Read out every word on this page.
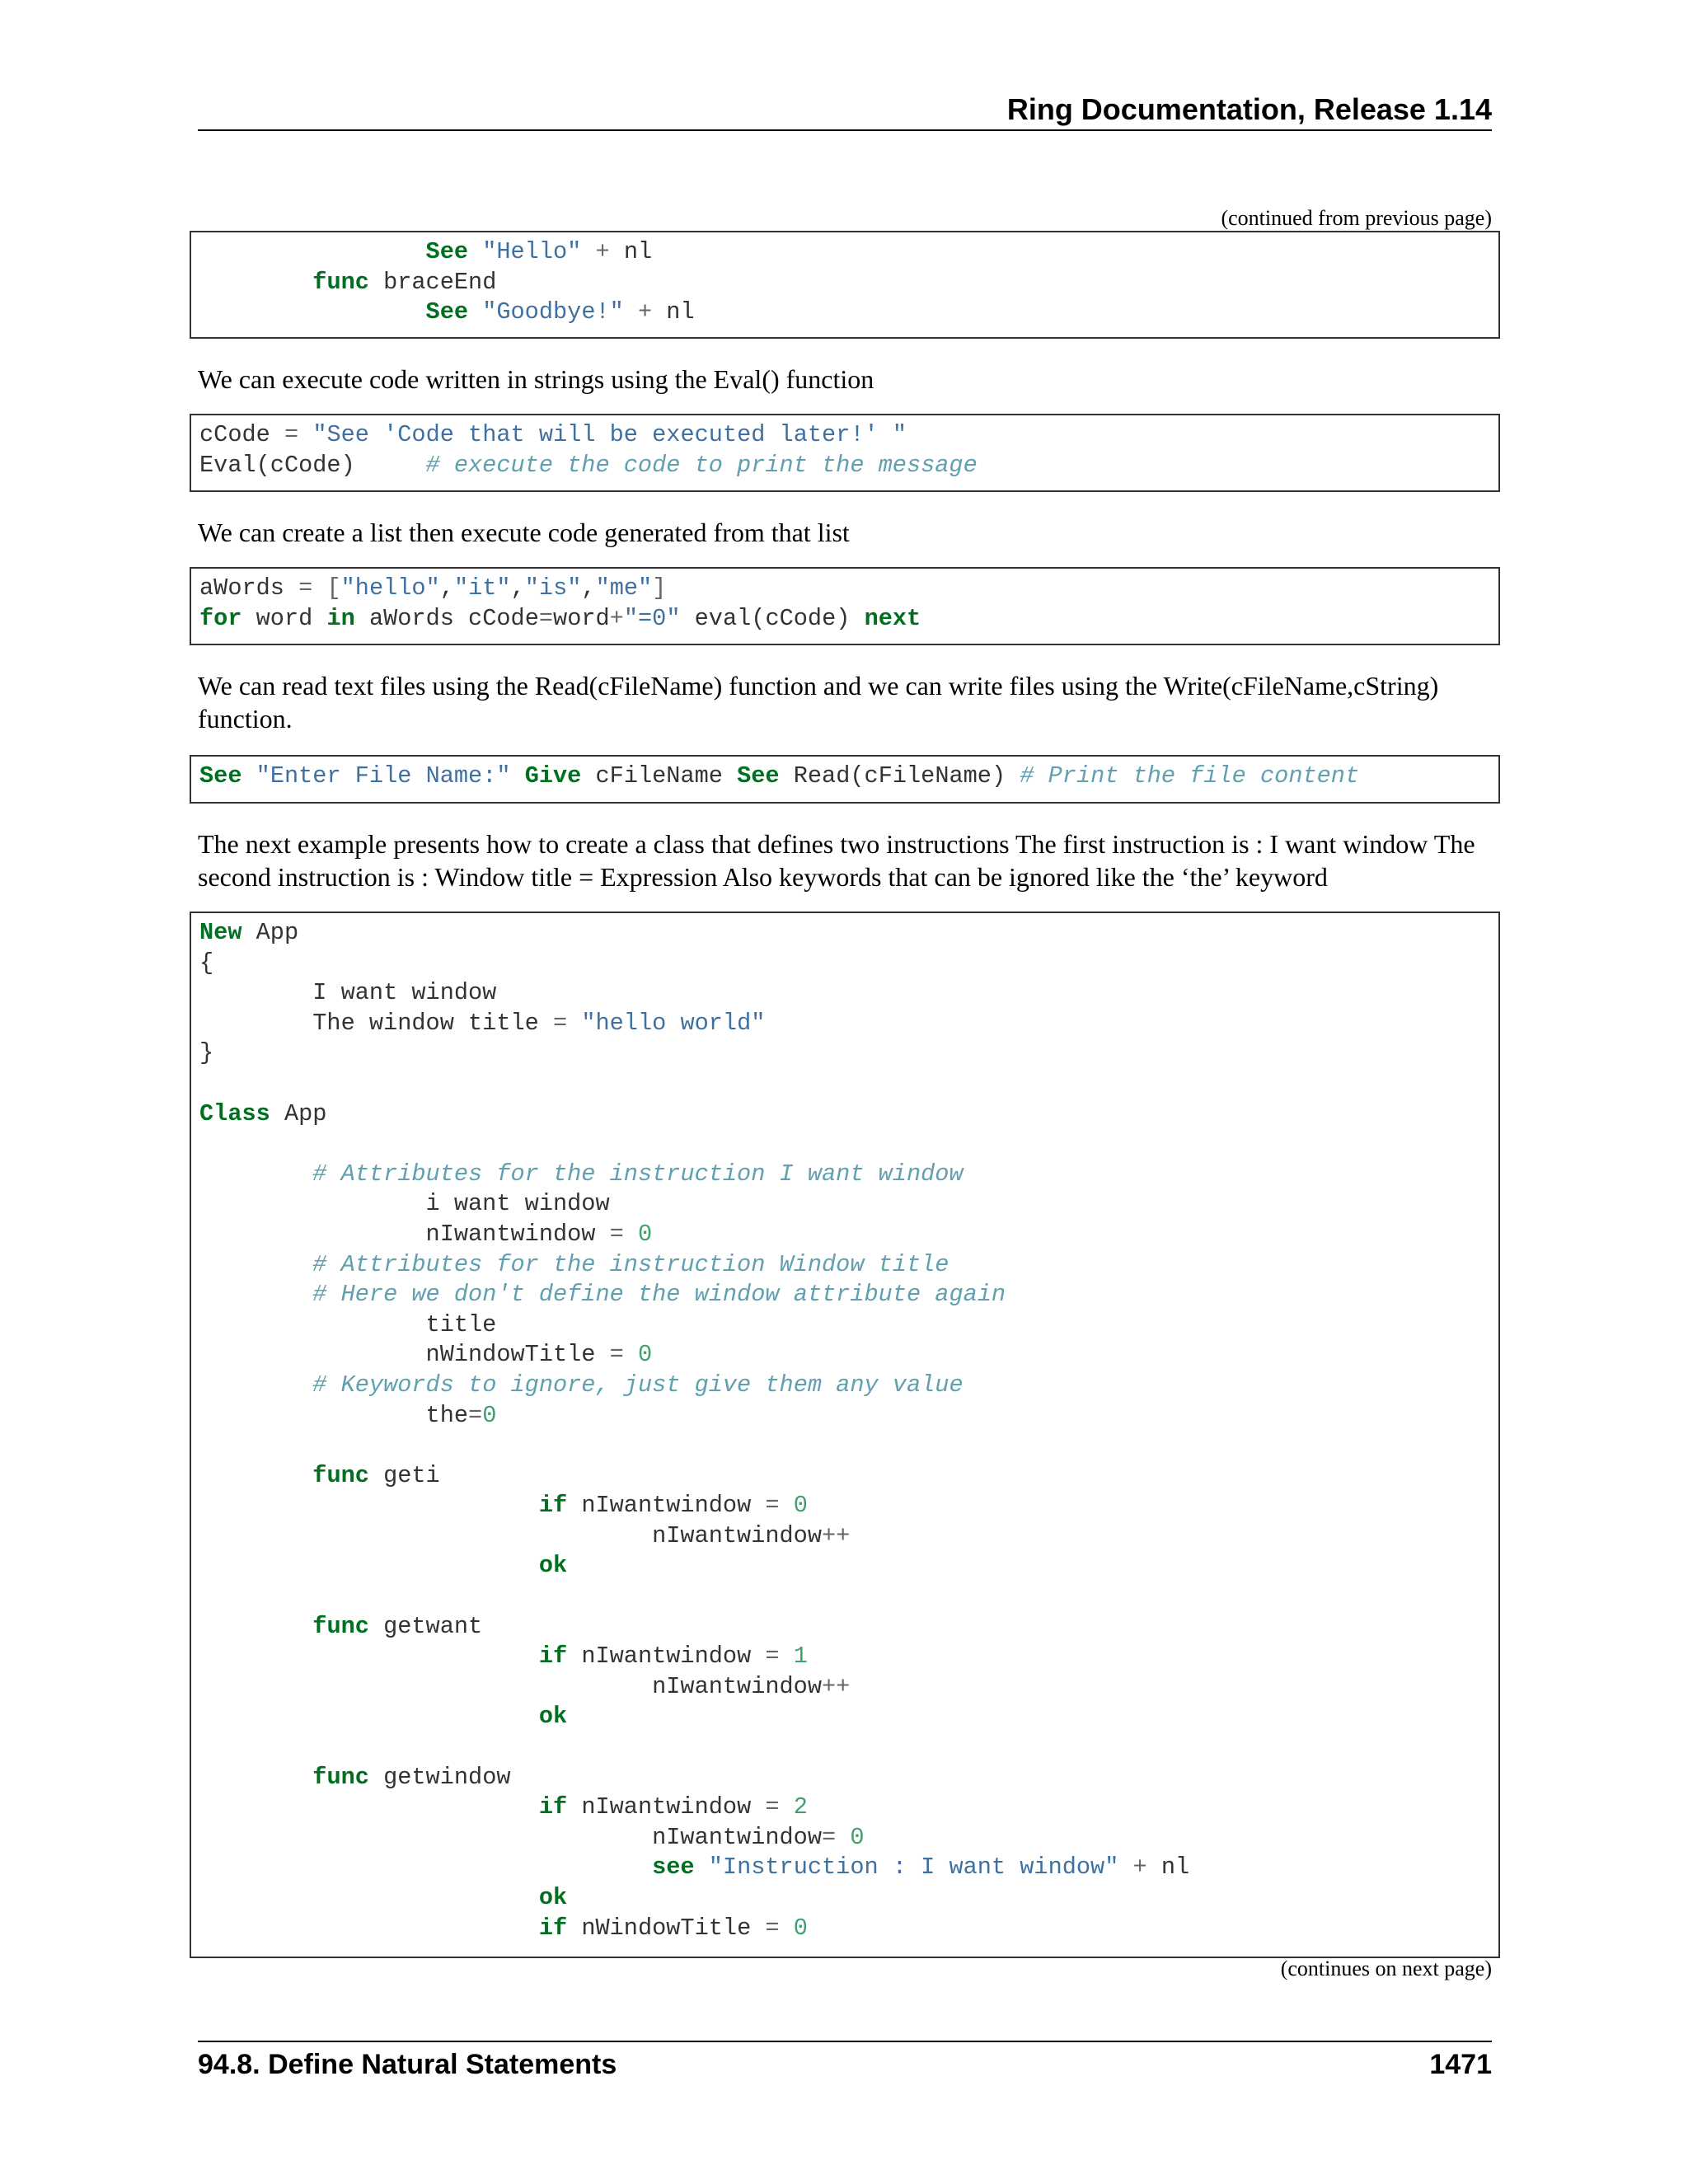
Ring Documentation, Release 1.14
(continued from previous page)
See "Hello" + nl
func braceEnd
See "Goodbye!" + nl
We can execute code written in strings using the Eval() function
cCode = "See 'Code that will be executed later!' "
Eval(cCode)     # execute the code to print the message
We can create a list then execute code generated from that list
aWords = ["hello","it","is","me"]
for word in aWords cCode=word+"=0" eval(cCode) next
We can read text files using the Read(cFileName) function and we can write files using the Write(cFileName,cString) function.
See "Enter File Name:" Give cFileName See Read(cFileName) # Print the file content
The next example presents how to create a class that defines two instructions The first instruction is : I want window The second instruction is : Window title = Expression Also keywords that can be ignored like the ‘the’ keyword
New App
{
I want window
The window title = "hello world"
}
Class App
# Attributes for the instruction I want window
i want window
nIwantwindow = 0
# Attributes for the instruction Window title
# Here we don't define the window attribute again
title
nWindowTitle = 0
# Keywords to ignore, just give them any value
the=0
func geti
if nIwantwindow = 0
nIwantwindow++
ok
func getwant
if nIwantwindow = 1
nIwantwindow++
ok
func getwindow
if nIwantwindow = 2
nIwantwindow= 0
see "Instruction : I want window" + nl
ok
if nWindowTitle = 0
(continues on next page)
94.8. Define Natural Statements	1471
